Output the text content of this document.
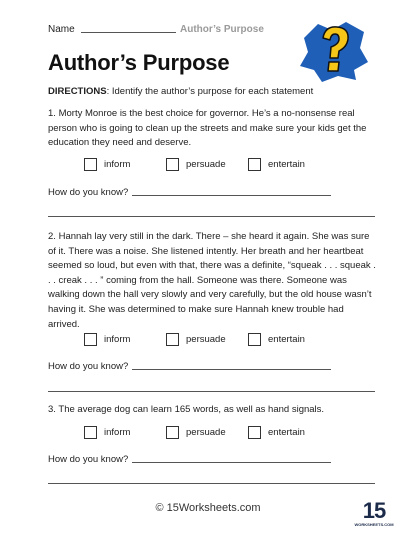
Name	Author’s Purpose
Author’s Purpose
DIRECTIONS: Identify the author’s purpose for each statement
1. Morty Monroe is the best choice for governor. He’s a no-nonsense real person who is going to clean up the streets and make sure your kids get the education they need and deserve.
inform	persuade	entertain
How do you know?
2. Hannah lay very still in the dark. There – she heard it again. She was sure of it. There was a noise. She listened intently. Her breath and her heartbeat seemed so loud, but even with that, there was a definite, “squeak . . . squeak . . . creak . . . ” coming from the hall. Someone was there. Someone was walking down the hall very slowly and very carefully, but the old house wasn’t having it. She was determined to make sure Hannah knew trouble had arrived.
inform	persuade	entertain
How do you know?
3. The average dog can learn 165 words, as well as hand signals.
inform	persuade	entertain
How do you know?
© 15Worksheets.com	15
WORKSHEETS.COM
